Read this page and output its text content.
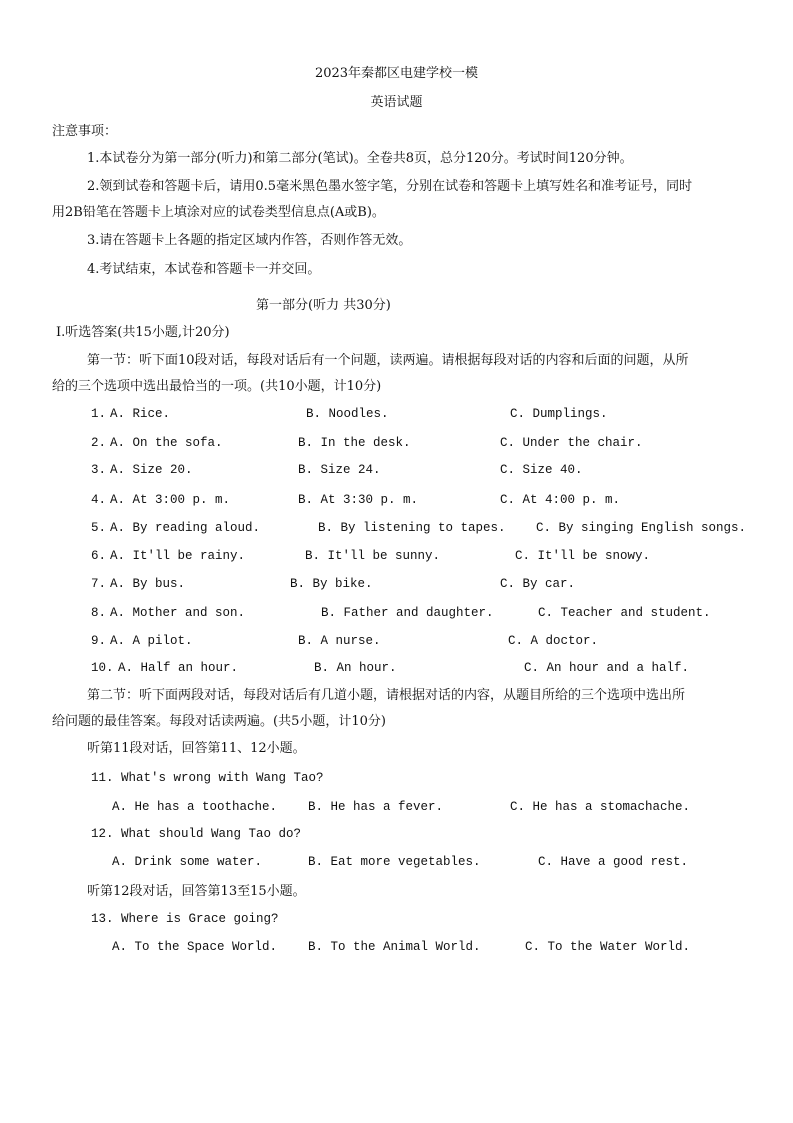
2023年秦都区电建学校一模
英语试题
注意事项：
1.本试卷分为第一部分(听力)和第二部分(笔试)。全卷共8页，总分120分。考试时间120分钟。
2.领到试卷和答题卡后，请用0.5毫米黑色墨水签字笔，分别在试卷和答题卡上填写姓名和准考证号，同时
用2B铅笔在答题卡上填涂对应的试卷类型信息点(A或B)。
3.请在答题卡上各题的指定区域内作答，否则作答无效。
4.考试结束，本试卷和答题卡一并交回。
第一部分(听力 共30分)
Ⅰ.听选答案(共15小题,计20分)
第一节：听下面10段对话，每段对话后有一个问题，读两遍。请根据每段对话的内容和后面的问题，从所
给的三个选项中选出最恰当的一项。(共10小题，计10分)
1. A. Rice.	B. Noodles.	C. Dumplings.
2. A. On the sofa.	B. In the desk.	C. Under the chair.
3. A. Size 20.	B. Size 24.	C. Size 40.
4. A. At 3:00 p. m.	B. At 3:30 p. m.	C. At 4:00 p. m.
5. A. By reading aloud.	B. By listening to tapes. C. By singing English songs.
6. A. It'll be rainy.	B. It'll be sunny.	C. It'll be snowy.
7. A. By bus.	B. By bike.	C. By car.
8. A. Mother and son.	B. Father and daughter.	C. Teacher and student.
9. A. A pilot.	B. A nurse.	C. A doctor.
10. A. Half an hour.	B. An hour.	C. An hour and a half.
第二节：听下面两段对话，每段对话后有几道小题，请根据对话的内容，从题目所给的三个选项中选出所
给问题的最佳答案。每段对话读两遍。(共5小题，计10分)
听第11段对话，回答第11、12小题。
11. What's wrong with Wang Tao?
A. He has a toothache. B. He has a fever.	C. He has a stomachache.
12. What should Wang Tao do?
A. Drink some water.	B. Eat more vegetables.	C. Have a good rest.
听第12段对话，回答第13至15小题。
13. Where is Grace going?
A. To the Space World. B. To the Animal World.	C. To the Water World.
